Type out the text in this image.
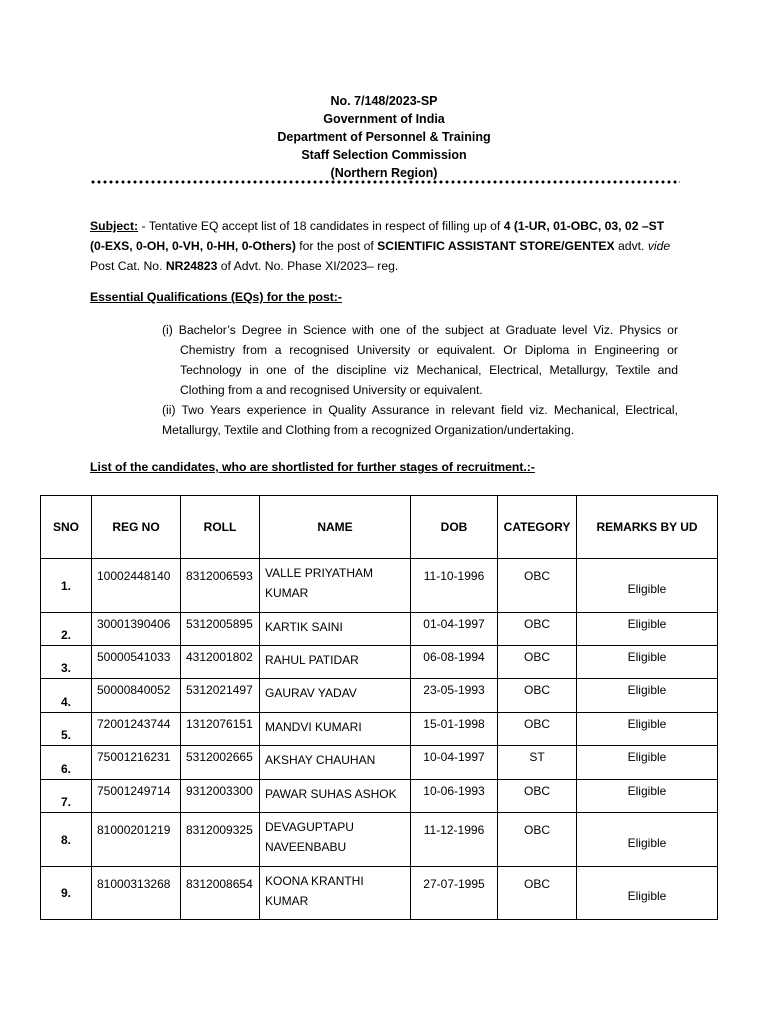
No. 7/148/2023-SP
Government of India
Department of Personnel & Training
Staff Selection Commission
(Northern Region)
Subject: - Tentative EQ accept list of 18 candidates in respect of filling up of 4 (1-UR, 01-OBC, 03, 02 –ST (0-EXS, 0-OH, 0-VH, 0-HH, 0-Others) for the post of SCIENTIFIC ASSISTANT STORE/GENTEX advt. vide Post Cat. No. NR24823 of Advt. No. Phase XI/2023– reg.
Essential Qualifications (EQs) for the post:-
(i) Bachelor’s Degree in Science with one of the subject at Graduate level Viz. Physics or Chemistry from a recognised University or equivalent. Or Diploma in Engineering or Technology in one of the discipline viz Mechanical, Electrical, Metallurgy, Textile and Clothing from a and recognised University or equivalent.
(ii) Two Years experience in Quality Assurance in relevant field viz. Mechanical, Electrical, Metallurgy, Textile and Clothing from a recognized Organization/undertaking.
List of the candidates, who are shortlisted for further stages of recruitment.:-
SNO	REG NO	ROLL	NAME	DOB	CATEGORY	REMARKS BY UD
1.	10002448140	8312006593	VALLE PRIYATHAM KUMAR	11-10-1996	OBC	Eligible
2.	30001390406	5312005895	KARTIK SAINI	01-04-1997	OBC	Eligible
3.	50000541033	4312001802	RAHUL PATIDAR	06-08-1994	OBC	Eligible
4.	50000840052	5312021497	GAURAV YADAV	23-05-1993	OBC	Eligible
5.	72001243744	1312076151	MANDVI KUMARI	15-01-1998	OBC	Eligible
6.	75001216231	5312002665	AKSHAY CHAUHAN	10-04-1997	ST	Eligible
7.	75001249714	9312003300	PAWAR SUHAS ASHOK	10-06-1993	OBC	Eligible
8.	81000201219	8312009325	DEVAGUPTAPU NAVEENBABU	11-12-1996	OBC	Eligible
9.	81000313268	8312008654	KOONA KRANTHI KUMAR	27-07-1995	OBC	Eligible
